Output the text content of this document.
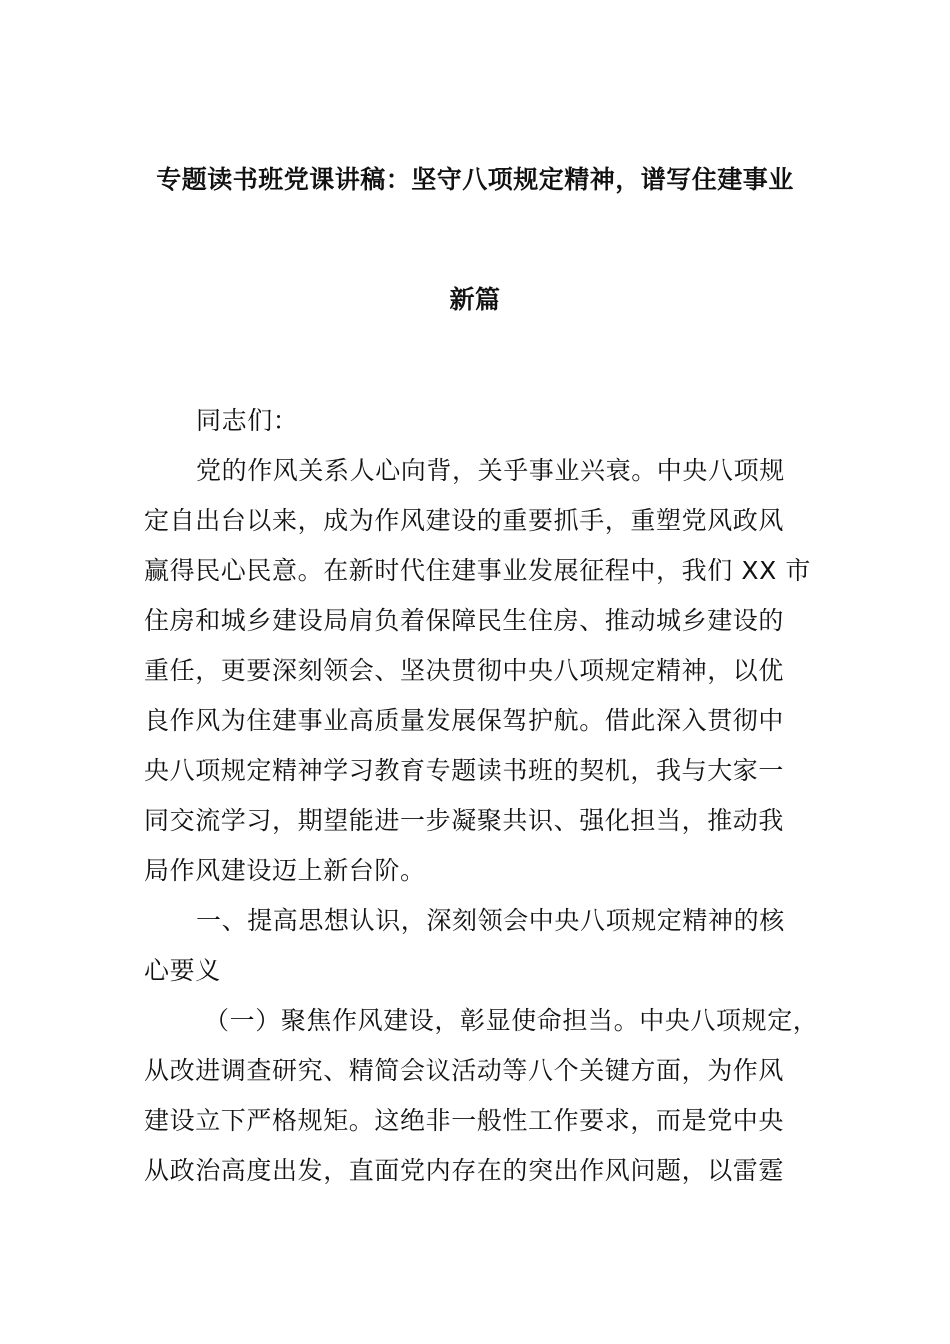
专题读书班党课讲稿：坚守八项规定精神，谱写住建事业
新篇
同志们：
党的作风关系人心向背，关乎事业兴衰。中央八项规
定自出台以来，成为作风建设的重要抓手，重塑党风政风
赢得民心民意。在新时代住建事业发展征程中，我们 XX 市
住房和城乡建设局肩负着保障民生住房、推动城乡建设的
重任，更要深刻领会、坚决贯彻中央八项规定精神，以优
良作风为住建事业高质量发展保驾护航。借此深入贯彻中
央八项规定精神学习教育专题读书班的契机，我与大家一
同交流学习，期望能进一步凝聚共识、强化担当，推动我
局作风建设迈上新台阶。
一、提高思想认识，深刻领会中央八项规定精神的核
心要义
（一）聚焦作风建设，彰显使命担当。中央八项规定，
从改进调查研究、精简会议活动等八个关键方面，为作风
建设立下严格规矩。这绝非一般性工作要求，而是党中央
从政治高度出发，直面党内存在的突出作风问题，以雷霆
